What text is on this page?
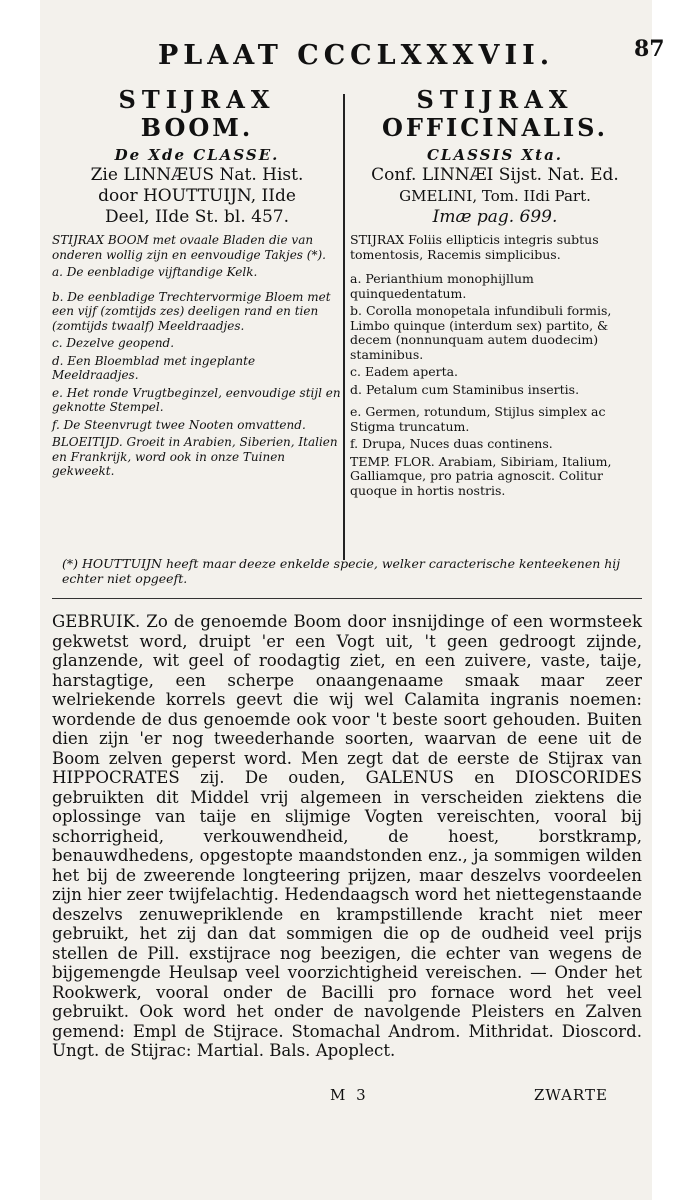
PLAAT CCCLXXXVII.	87
STIJRAX
BOOM.
De Xde CLASSE.
Zie LINNÆUS Nat. Hist.
door HOUTTUIJN, IIde
Deel, IIde St. bl. 457.
STIJRAX BOOM met ovaale Bladen die van onderen wollig zijn en eenvoudige Takjes (*).
a. De eenbladige vijftandige Kelk.
b. De eenbladige Trechtervormige Bloem met een vijf (zomtijds zes) deeligen rand en tien (zomtijds twaalf) Meeldraadjes.
c. Dezelve geopend.
d. Een Bloemblad met ingeplante Meeldraadjes.
e. Het ronde Vrugtbeginzel, eenvoudige stijl en geknotte Stempel.
f. De Steenvrugt twee Nooten omvattend.
BLOEITIJD. Groeit in Arabien, Siberien, Italien en Frankrijk, word ook in onze Tuinen gekweekt.
STIJRAX
OFFICINALIS.
CLASSIS Xta.
Conf. LINNÆI Sijst. Nat. Ed.
GMELINI, Tom. IIdi Part.
Imæ pag. 699.
STIJRAX Foliis ellipticis integris subtus tomentosis, Racemis simplicibus.
a. Perianthium monophijllum quinquedentatum.
b. Corolla monopetala infundibuli formis, Limbo quinque (interdum sex) partito, & decem (nonnunquam autem duodecim) staminibus.
c. Eadem aperta.
d. Petalum cum Staminibus insertis.
e. Germen, rotundum, Stijlus simplex ac Stigma truncatum.
f. Drupa, Nuces duas continens.
TEMP. FLOR. Arabiam, Sibiriam, Italium, Galliamque, pro patria agnoscit. Colitur quoque in hortis nostris.
(*) HOUTTUIJN heeft maar deeze enkelde specie, welker caracterische kenteekenen hij echter niet opgeeft.

GEBRUIK. Zo de genoemde Boom door insnijdinge of een wormsteek gekwetst word, druipt 'er een Vogt uit, 't geen gedroogt zijnde, glanzende, wit geel of roodagtig ziet, en een zuivere, vaste, taije, harstagtige, een scherpe onaangenaame smaak maar zeer welriekende korrels geevt die wij wel Calamita ingranis noemen: wordende de dus genoemde ook voor 't beste soort gehouden. Buiten dien zijn 'er nog tweederhande soorten, waarvan de eene uit de Boom zelven geperst word. Men zegt dat de eerste de Stijrax van HIPPOCRATES zij. De ouden, GALENUS en DIOSCORIDES gebruikten dit Middel vrij algemeen in verscheiden ziektens die oplossinge van taije en slijmige Vogten vereischten, vooral bij schorrigheid, verkouwendheid, de hoest, borstkramp, benauwdhedens, opgestopte maandstonden enz., ja sommigen wilden het bij de zweerende longteering prijzen, maar deszelvs voordeelen zijn hier zeer twijfelachtig. Hedendaagsch word het niettegenstaande deszelvs zenuwepriklende en krampstillende kracht niet meer gebruikt, het zij dan dat sommigen die op de oudheid veel prijs stellen de Pill. exstijrace nog beezigen, die echter van wegens de bijgemengde Heulsap veel voorzichtigheid vereischen. — Onder het Rookwerk, vooral onder de Bacilli pro fornace word het veel gebruikt. Ook word het onder de navolgende Pleisters en Zalven gemend: Empl de Stijrace. Stomachal Androm. Mithridat. Dioscord. Ungt. de Stijrac: Martial. Bals. Apoplect.

M 3	ZWARTE
